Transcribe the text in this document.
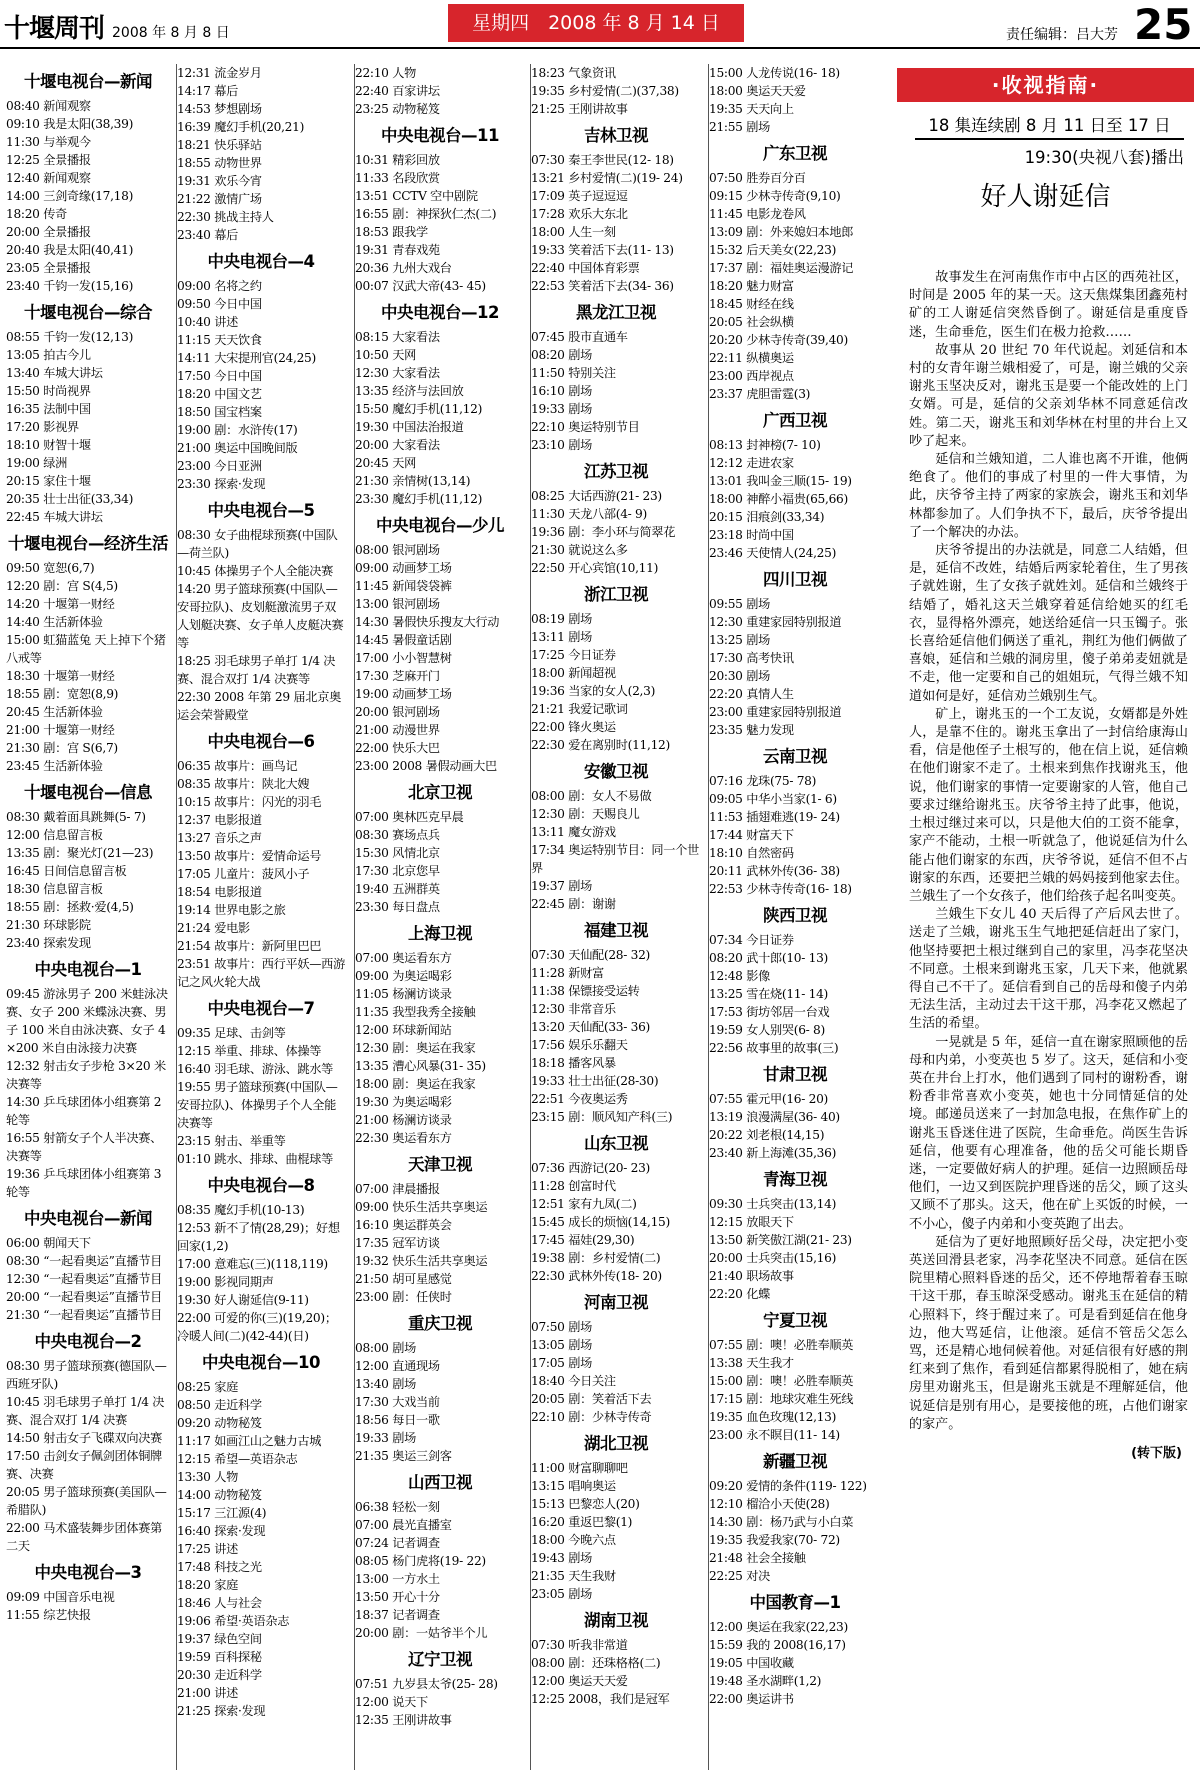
十堰周刊 2008 年 8 月 8 日	星期四　2008 年 8 月 14 日
责任编辑：吕大芳 25
十堰电视台—新闻
08:40 新闻观察
09:10 我是太阳(38,39)
11:30 与举观今
12:25 全景播报
12:40 新闻观察
14:00 三剑奇缘(17,18)
18:20 传奇
20:00 全景播报
20:40 我是太阳(40,41)
23:05 全景播报
23:40 千钧一发(15,16)
十堰电视台—综合
08:55 千钧一发(12,13)
13:05 拍古今儿
13:40 车城大讲坛
15:50 时尚视界
16:35 法制中国
17:20 影视界
18:10 财智十堰
19:00 绿洲
20:15 家住十堰
20:35 壮士出征(33,34)
22:45 车城大讲坛
十堰电视台—经济生活
09:50 宽恕(6,7)
12:20 剧：宫 S(4,5)
14:20 十堰第一财经
14:40 生活新体验
15:00 虹猫蓝兔 天上掉下个猪八戒等
18:30 十堰第一财经
18:55 剧：宽恕(8,9)
20:45 生活新体验
21:00 十堰第一财经
21:30 剧：宫 S(6,7)
23:45 生活新体验
十堰电视台—信息
08:30 戴着面具跳舞(5- 7)
12:00 信息留言板
13:35 剧：聚光灯(21—23)
16:45 日间信息留言板
18:30 信息留言板
18:55 剧：拯救·爱(4,5)
21:30 环球影院
23:40 探索发现
中央电视台—1
09:45 游泳男子 200 米蛙泳决赛、女子 200 米蝶泳决赛、男子 100 米自由泳决赛、女子 4×200 米自由泳接力决赛
12:32 射击女子步枪 3×20 米决赛等
14:30 乒乓球团体小组赛第 2 轮等
16:55 射箭女子个人半决赛、决赛等
19:36 乒乓球团体小组赛第 3 轮等
中央电视台—新闻
06:00 朝闻天下
08:30 “一起看奥运”直播节目
12:30 “一起看奥运”直播节目
20:00 “一起看奥运”直播节目
21:30 “一起看奥运”直播节目
中央电视台—2
08:30 男子篮球预赛(德国队—西班牙队)
10:45 羽毛球男子单打 1/4 决赛、混合双打 1/4 决赛
14:50 射击女子飞碟双向决赛
17:50 击剑女子佩剑团体铜牌赛、决赛
20:05 男子篮球预赛(美国队—希腊队)
22:00 马术盛装舞步团体赛第二天
中央电视台—3
09:09 中国音乐电视
11:55 综艺快报
12:31 流金岁月
14:17 幕后
14:53 梦想剧场
16:39 魔幻手机(20,21)
18:21 快乐驿站
18:55 动物世界
19:31 欢乐今宵
21:22 激情广场
22:30 挑战主持人
23:40 幕后
中央电视台—4
09:00 名将之约
09:50 今日中国
10:40 讲述
11:15 天天饮食
14:11 大宋提刑官(24,25)
17:50 今日中国
18:20 中国文艺
18:50 国宝档案
19:00 剧：水浒传(17)
21:00 奥运中国晚间版
23:00 今日亚洲
23:30 探索·发现
中央电视台—5
08:30 女子曲棍球预赛(中国队—荷兰队)
10:45 体操男子个人全能决赛
14:20 男子篮球预赛(中国队—安哥拉队)、皮划艇激流男子双人划艇决赛、女子单人皮艇决赛等
18:25 羽毛球男子单打 1/4 决赛、混合双打 1/4 决赛等
22:30 2008 年第 29 届北京奥运会荣誉殿堂
中央电视台—6
06:35 故事片：画鸟记
08:35 故事片：陕北大嫂
10:15 故事片：闪光的羽毛
12:37 电影报道
13:27 音乐之声
13:50 故事片：爱情命运号
17:05 儿童片：菠风小子
18:54 电影报道
19:14 世界电影之旅
21:24 爱电影
21:54 故事片：新阿里巴巴
23:51 故事片：西行平妖—西游记之风火轮大战
中央电视台—7
09:35 足球、击剑等
12:15 举重、排球、体操等
16:40 羽毛球、游泳、跳水等
19:55 男子篮球预赛(中国队—安哥拉队)、体操男子个人全能决赛等
23:15 射击、举重等
01:10 跳水、排球、曲棍球等
中央电视台—8
08:35 魔幻手机(10-13)
12:53 新不了情(28,29)；好想回家(1,2)
17:00 意难忘(三)(118,119)
19:00 影视同期声
19:30 好人谢延信(9-11)
22:00 可爱的你(三)(19,20)；冷暖人间(二)(42-44)(日)
中央电视台—10
08:25 家庭
08:50 走近科学
09:20 动物秘笈
11:17 如画江山之魅力古城
12:15 希望—英语杂志
13:30 人物
14:00 动物秘笈
15:17 三江源(4)
16:40 探索·发现
17:25 讲述
17:48 科技之光
18:20 家庭
18:46 人与社会
19:06 希望·英语杂志
19:37 绿色空间
19:59 百科探秘
20:30 走近科学
21:00 讲述
21:25 探索·发现
22:10 人物
22:40 百家讲坛
23:25 动物秘笈
中央电视台—11
10:31 精彩回放
11:33 名段欣赏
13:51 CCTV 空中剧院
16:55 剧：神探狄仁杰(二)
18:53 跟我学
19:31 青春戏苑
20:36 九州大戏台
00:07 汉武大帝(43- 45)
中央电视台—12
08:15 大家看法
10:50 天网
12:30 大家看法
13:35 经济与法回放
15:50 魔幻手机(11,12)
19:30 中国法治报道
20:00 大家看法
20:45 天网
21:30 亲情树(13,14)
23:30 魔幻手机(11,12)
中央电视台—少儿
08:00 银河剧场
09:00 动画梦工场
11:45 新闻袋袋裤
13:00 银河剧场
14:30 暑假快乐搜友大行动
14:45 暑假童话剧
17:00 小小智慧树
17:30 芝麻开门
19:00 动画梦工场
20:00 银河剧场
21:00 动漫世界
22:00 快乐大巴
23:00 2008 暑假动画大巴
北京卫视
07:00 奥林匹克早晨
08:30 赛场点兵
15:30 风情北京
17:30 北京您早
19:40 五洲群英
23:30 每日盘点
上海卫视
07:00 奥运看东方
09:00 为奥运喝彩
11:05 杨澜访谈录
11:35 我型我秀全接触
12:00 环球新闻站
12:30 剧：奥运在我家
13:35 漕心风暴(31- 35)
18:00 剧：奥运在我家
19:30 为奥运喝彩
21:00 杨澜访谈录
22:30 奥运看东方
天津卫视
07:00 津晨播报
09:00 快乐生活共享奥运
16:10 奥运群英会
17:35 冠军访谈
19:32 快乐生活共享奥运
21:50 胡可星感觉
23:00 剧：任侠时
重庆卫视
08:00 剧场
12:00 直通现场
13:40 剧场
17:30 大戏当前
18:56 每日一歌
19:33 剧场
21:35 奥运三剑客
山西卫视
06:38 轻松一刻
07:00 晨光直播室
07:24 记者调查
08:05 杨门虎将(19- 22)
13:00 一方水土
13:50 开心十分
18:37 记者调查
20:00 剧：一姑爷半个儿
辽宁卫视
07:51 九岁县太爷(25- 28)
12:00 说天下
12:35 王刚讲故事
18:23 气象资讯
19:35 乡村爱情(二)(37,38)
21:25 王刚讲故事
吉林卫视
07:30 秦王李世民(12- 18)
13:21 乡村爱情(二)(19- 24)
17:09 英子逗逗逗
17:28 欢乐大东北
18:00 人生一刻
19:33 笑着活下去(11- 13)
22:40 中国体育彩票
22:53 笑着活下去(34- 36)
黑龙江卫视
07:45 股市直通车
08:20 剧场
11:50 特别关注
16:10 剧场
19:33 剧场
22:10 奥运特别节目
23:10 剧场
江苏卫视
08:25 大话西游(21- 23)
11:30 天龙八部(4- 9)
19:36 剧：李小环与简翠花
21:30 就说这么多
22:50 开心宾馆(10,11)
浙江卫视
08:19 剧场
13:11 剧场
17:25 今日证券
18:00 新闻超视
19:36 当家的女人(2,3)
21:21 我爱记歌词
22:00 锋火奥运
22:30 爱在离别时(11,12)
安徽卫视
08:00 剧：女人不易做
12:30 剧：天赐良儿
13:11 魔女游戏
17:34 奥运特别节目：同一个世界
19:37 剧场
22:45 剧：谢谢
福建卫视
07:30 天仙配(28- 32)
11:28 新财富
11:38 保镖接受运转
12:30 非常音乐
13:20 天仙配(33- 36)
17:56 娱乐乐翻天
18:18 播客风暴
19:33 壮士出征(28-30)
22:51 今夜奥运秀
23:15 剧：顺风知产科(三)
山东卫视
07:36 西游记(20- 23)
11:28 创富时代
12:51 家有九凤(二)
15:45 成长的烦恼(14,15)
17:45 福娃(29,30)
19:38 剧：乡村爱情(二)
22:30 武林外传(18- 20)
河南卫视
07:50 剧场
13:05 剧场
17:05 剧场
18:40 今日关注
20:05 剧：笑着活下去
22:10 剧：少林寺传奇
湖北卫视
11:00 财富聊聊吧
13:15 唱响奥运
15:13 巴黎恋人(20)
16:20 重返巴黎(1)
18:00 今晚六点
19:43 剧场
21:35 天生我财
23:05 剧场
湖南卫视
07:30 听我非常道
08:00 剧：还珠格格(二)
12:00 奥运天天爱
12:25 2008，我们是冠军
15:00 人龙传说(16- 18)
18:00 奥运天天爱
19:35 天天向上
21:55 剧场
广东卫视
07:50 胜券百分百
09:15 少林寺传奇(9,10)
11:45 电影龙卷风
13:09 剧：外来媳妇本地郎
15:32 后天美女(22,23)
17:37 剧：福娃奥运漫游记
18:20 魅力财富
18:45 财经在线
20:05 社会纵横
20:20 少林寺传奇(39,40)
22:11 纵横奥运
23:00 西岸视点
23:37 虎胆雷霆(3)
广西卫视
08:13 封神榜(7- 10)
12:12 走进农家
13:01 我叫金三顺(15- 19)
18:00 神醉小福贵(65,66)
20:15 泪痕剑(33,34)
23:18 时尚中国
23:46 天使情人(24,25)
四川卫视
09:55 剧场
12:30 重建家园特别报道
13:25 剧场
17:30 高考快讯
20:30 剧场
22:20 真情人生
23:00 重建家园特别报道
23:35 魅力发现
云南卫视
07:16 龙珠(75- 78)
09:05 中华小当家(1- 6)
11:53 插翅难逃(19- 24)
17:44 财富天下
18:10 自然密码
20:11 武林外传(36- 38)
22:53 少林寺传奇(16- 18)
陕西卫视
07:34 今日证券
08:20 武十郎(10- 13)
12:48 影像
13:25 雪在烧(11- 14)
17:53 街坊邻居一台戏
19:59 女人别哭(6- 8)
22:56 故事里的故事(三)
甘肃卫视
07:55 霍元甲(16- 20)
13:19 浪漫满屋(36- 40)
20:22 刘老根(14,15)
23:40 新上海滩(35,36)
青海卫视
09:30 士兵突击(13,14)
12:15 放眼天下
13:50 新笑傲江湖(21- 23)
20:00 士兵突击(15,16)
21:40 职场故事
22:20 化蝶
宁夏卫视
07:55 剧：噢！必胜奉顺英
13:38 天生我才
15:00 剧：噢！必胜奉顺英
17:15 剧：地球灾难生死线
19:35 血色玫瑰(12,13)
23:00 永不瞑目(11- 14)
新疆卫视
09:20 爱情的条件(119- 122)
12:10 榴洽小天使(28)
14:30 剧：杨乃武与小白菜
19:35 我爱我家(70- 72)
21:48 社会全接触
22:25 对决
中国教育—1
12:00 奥运在我家(22,23)
15:59 我的 2008(16,17)
19:05 中国收藏
19:48 圣水湖畔(1,2)
22:00 奥运讲书
·收视指南·
18 集连续剧 8 月 11 日至 17 日
19:30(央视八套)播出
好人谢延信

故事发生在河南焦作市中占区的西苑社区，时间是 2005 年的某一天。这天焦煤集团鑫苑村矿的工人谢延信突然昏倒了。谢延信是重度昏迷，生命垂危，医生们在极力抢救……

故事从 20 世纪 70 年代说起。刘延信和本村的女青年谢兰娥相爱了，可是，谢兰娥的父亲谢兆玉坚决反对，谢兆玉是要一个能改姓的上门女婿。可是，延信的父亲刘华林不同意延信改姓。第二天，谢兆玉和刘华林在村里的井台上又吵了起来。

延信和兰娥知道，二人谁也离不开谁，他俩绝食了。他们的事成了村里的一件大事情，为此，庆爷爷主持了两家的家族会，谢兆玉和刘华林都参加了。人们争执不下，最后，庆爷爷提出了一个解决的办法。

庆爷爷提出的办法就是，同意二人结婚，但是，延信不改姓，结婚后两家轮着住，生了男孩子就姓谢，生了女孩子就姓刘。延信和兰娥终于结婚了，婚礼这天兰娥穿着延信给她买的红毛衣，显得格外漂亮，她送给延信一只玉镯子。张长喜给延信他们俩送了重礼，荆红为他们俩做了喜娘，延信和兰娥的洞房里，傻子弟弟麦妞就是不走，他一定要和自己的姐姐玩，气得兰娥不知道如何是好，延信劝兰娥别生气。

矿上，谢兆玉的一个工友说，女婿都是外姓人，是靠不住的。谢兆玉拿出了一封信给康海山看，信是他侄子土根写的，他在信上说，延信赖在他们谢家不走了。土根来到焦作找谢兆玉，他说，他们谢家的事情一定要谢家的人管，他自己要求过继给谢兆玉。庆爷爷主持了此事，他说，土根过继过来可以，只是他大伯的工资不能拿，家产不能动，土根一听就急了，他说延信为什么能占他们谢家的东西，庆爷爷说，延信不但不占谢家的东西，还要把兰娥的妈妈接到他家去住。兰娥生了一个女孩子，他们给孩子起名叫变英。

兰娥生下女儿 40 天后得了产后风去世了。送走了兰娥，谢兆玉生气地把延信赶出了家门，他坚持要把土根过继到自己的家里，冯李花坚决不同意。土根来到谢兆玉家，几天下来，他就累得自己不干了。延信看到自己的岳母和傻子内弟无法生活，主动过去干这干那，冯李花又燃起了生活的希望。

一晃就是 5 年，延信一直在谢家照顾他的岳母和内弟，小变英也 5 岁了。这天，延信和小变英在井台上打水，他们遇到了同村的谢粉香，谢粉香非常喜欢小变英，她也十分同情延信的处境。邮递员送来了一封加急电报，在焦作矿上的谢兆玉昏迷住进了医院，生命垂危。尚医生告诉延信，他要有心理准备，他的岳父可能长期昏迷，一定要做好病人的护理。延信一边照顾岳母他们，一边又到医院护理昏迷的岳父，顾了这头又顾不了那头。这天，他在矿上买饭的时候，一不小心，傻子内弟和小变英跑了出去。

延信为了更好地照顾好岳父母，决定把小变英送回滑县老家，冯李花坚决不同意。延信在医院里精心照料昏迷的岳父，还不停地帮着春玉晾干这干那，春玉晾深受感动。谢兆玉在延信的精心照料下，终于醒过来了。可是看到延信在他身边，他大骂延信，让他滚。延信不管岳父怎么骂，还是精心地伺候着他。对延信很有好感的荆红来到了焦作，看到延信都累得脱相了，她在病房里劝谢兆玉，但是谢兆玉就是不理解延信，他说延信是别有用心，是要接他的班，占他们谢家的家产。

(转下版)
